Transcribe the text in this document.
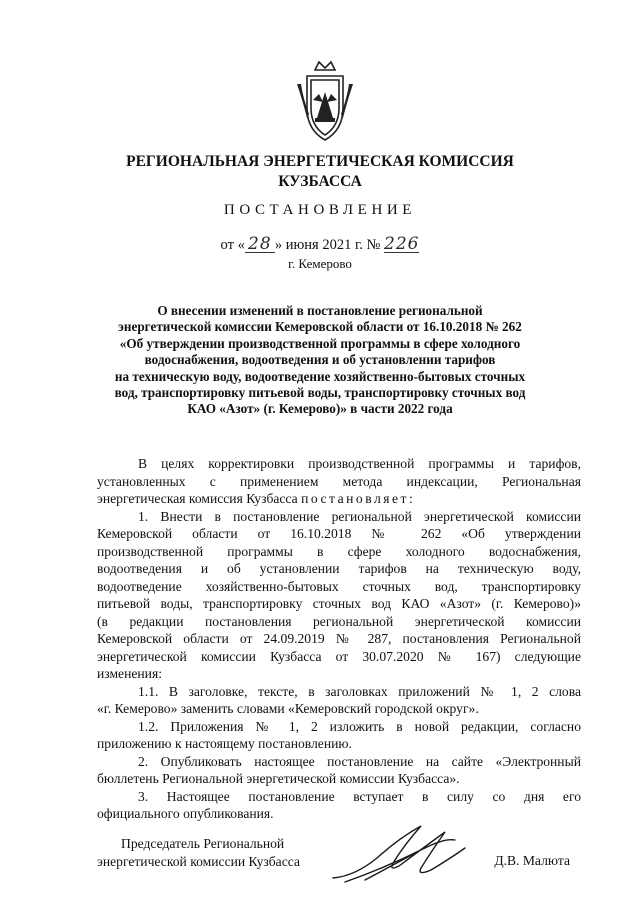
РЕГИОНАЛЬНАЯ ЭНЕРГЕТИЧЕСКАЯ КОМИССИЯ
КУЗБАССА
ПОСТАНОВЛЕНИЕ
от « 28 » июня 2021 г. № 226
г. Кемерово
О внесении изменений в постановление региональной
энергетической комиссии Кемеровской области от 16.10.2018 № 262
«Об утверждении производственной программы в сфере холодного
водоснабжения, водоотведения и об установлении тарифов
на техническую воду, водоотведение хозяйственно-бытовых сточных
вод, транспортировку питьевой воды, транспортировку сточных вод
КАО «Азот» (г. Кемерово)» в части 2022 года
В целях корректировки производственной программы и тарифов,
установленных с применением метода индексации, Региональная
энергетическая комиссия Кузбасса постановляет:
1. Внести в постановление региональной энергетической комиссии
Кемеровской области от 16.10.2018 № 262 «Об утверждении
производственной программы в сфере холодного водоснабжения,
водоотведения и об установлении тарифов на техническую воду,
водоотведение хозяйственно-бытовых сточных вод, транспортировку
питьевой воды, транспортировку сточных вод КАО «Азот» (г. Кемерово)»
(в редакции постановления региональной энергетической комиссии
Кемеровской области от 24.09.2019 № 287, постановления Региональной
энергетической комиссии Кузбасса от 30.07.2020 № 167) следующие
изменения:
1.1. В заголовке, тексте, в заголовках приложений № 1, 2 слова
«г. Кемерово» заменить словами «Кемеровский городской округ».
1.2. Приложения № 1, 2 изложить в новой редакции, согласно
приложению к настоящему постановлению.
2. Опубликовать настоящее постановление на сайте «Электронный
бюллетень Региональной энергетической комиссии Кузбасса».
3. Настоящее постановление вступает в силу со дня его
официального опубликования.
Председатель Региональной
энергетической комиссии Кузбасса	Д.В. Малюта
